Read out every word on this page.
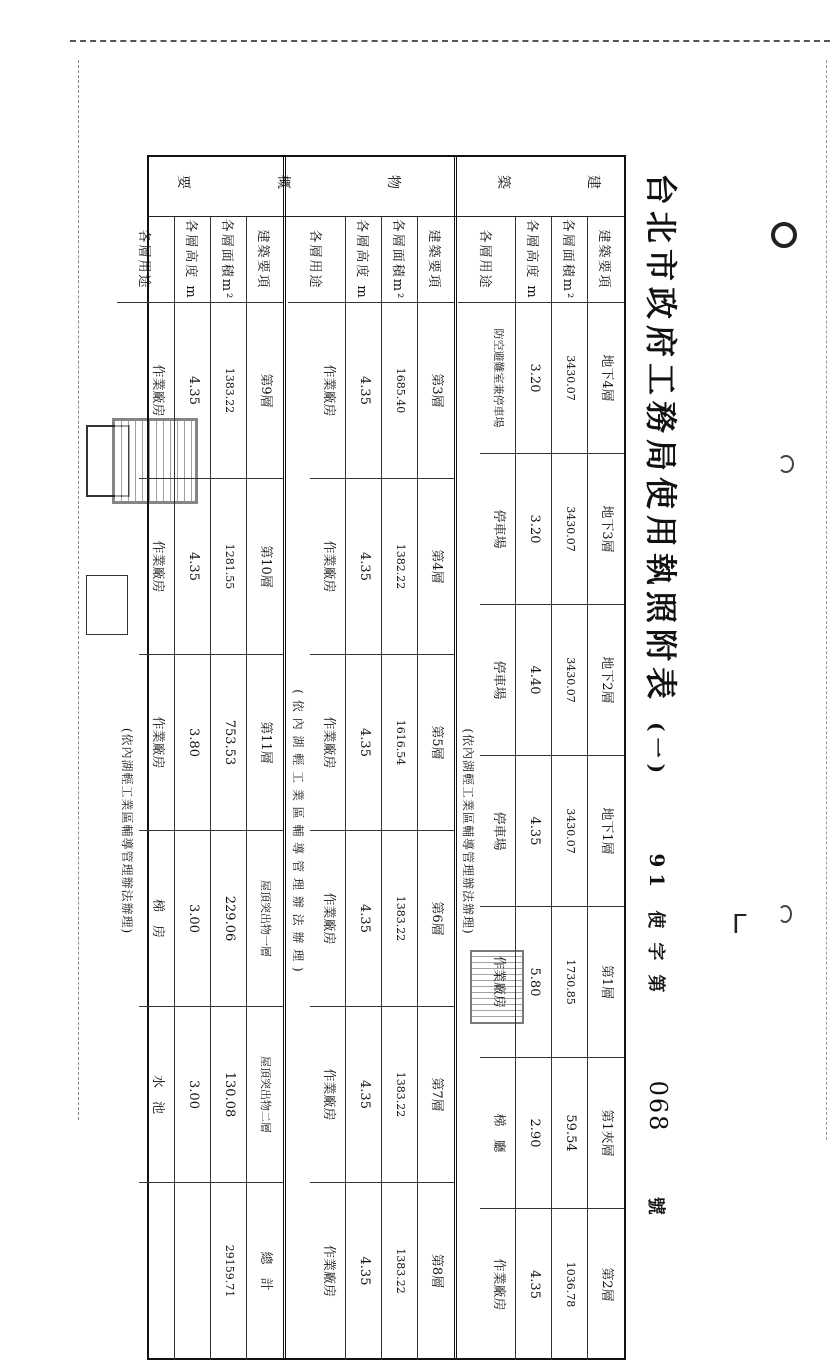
ᒥ
台北市政府工務局使用執照附表 (一)  91 使字第  068  號
建
築
物
概
要
建築要項
地下4層
地下3層
地下2層
地下1層
第1層
第1夾層
第2層
各層面積m²
3430.07
3430.07
3430.07
3430.07
1730.85
59.54
1036.78
各層高度 m
3.20
3.20
4.40
4.35
5.80
2.90
4.35
各層用途
防空避難室兼停車場
停車場
停車場
停車場
作業廠房
梯　廳
作業廠房
(依內湖輕工業區輔導管理辦法辦理)
建築要項
第3層
第4層
第5層
第6層
第7層
第8層
各層面積m²
1685.40
1382.22
1616.54
1383.22
1383.22
1383.22
各層高度 m
4.35
4.35
4.35
4.35
4.35
4.35
各層用途
作業廠房
作業廠房
作業廠房
作業廠房
作業廠房
作業廠房
( 依 內 湖 輕 工 業 區 輔 導 管 理 辦 法 辦 理 )
建築要項
第9層
第10層
第11層
屋頂突出物一層
屋頂突出物二層
總　計
各層面積m²
1383.22
1281.55
753.53
229.06
130.08
29159.71
各層高度 m
4.35
4.35
3.80
3.00
3.00
各層用途
作業廠房
作業廠房
作業廠房
梯　房
水　池
(依內湖輕工業區輔導管理辦法辦理)
